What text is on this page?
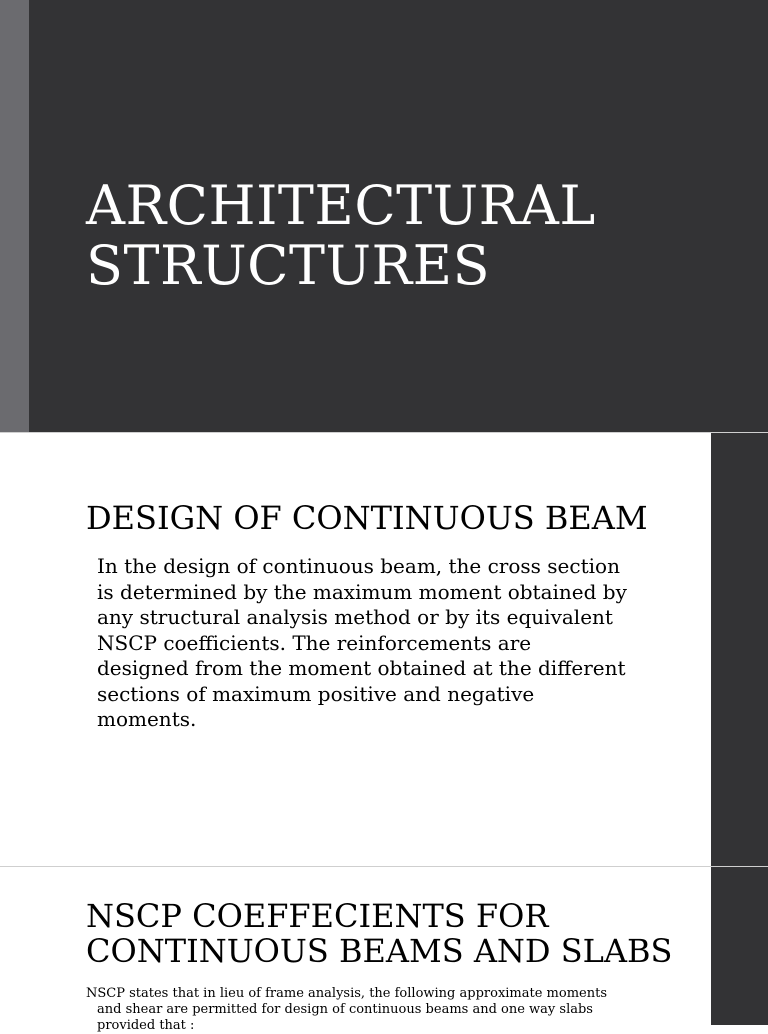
ARCHITECTURAL
STRUCTURES
DESIGN OF CONTINUOUS BEAM

In the design of continuous beam, the cross section is determined by the maximum moment obtained by any structural analysis method or by its equivalent NSCP coefficients. The reinforcements are designed from the moment obtained at the different sections of maximum positive and negative moments.

NSCP COEFFECIENTS FOR
CONTINUOUS BEAMS AND SLABS

NSCP states that in lieu of frame analysis, the following approximate moments and shear are permitted for design of continuous beams and one way slabs provided that :
